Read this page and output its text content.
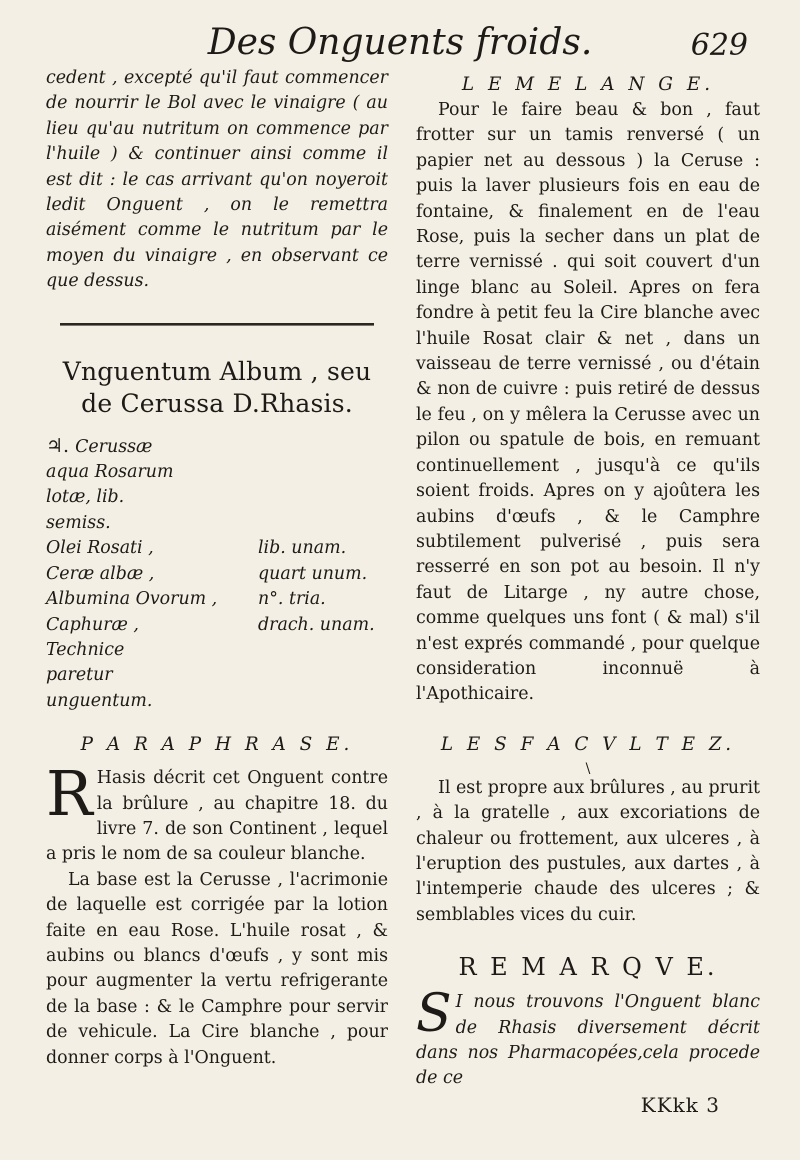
Des Onguents froids.	629

cedent , excepté qu'il faut commencer de nourrir le Bol avec le vinaigre ( au lieu qu'au nutritum on commence par l'huile ) & continuer ainsi comme il est dit : le cas arrivant qu'on noyeroit ledit Onguent , on le remettra aisément comme le nutritum par le moyen du vinaigre , en observant ce que dessus.

Vnguentum Album , seu de Cerussa D.Rhasis.
♃. Cerussæ aqua Rosarum lotæ, lib. semiss.
Olei Rosati ,	lib. unam.
Ceræ albæ ,	quart unum.
Albumina Ovorum , n°. tria.
Caphuræ ,	drach. unam.
Technice paretur unguentum.
P A R A P H R A S E.

R Hasis décrit cet Onguent contre la brûlure , au chapitre 18. du livre 7. de son Continent , lequel a pris le nom de sa couleur blanche.

La base est la Cerusse , l'acrimonie de laquelle est corrigée par la lotion faite en eau Rose. L'huile rosat , & aubins ou blancs d'œufs , y sont mis pour augmenter la vertu refrigerante de la base : & le Camphre pour servir de vehicule. La Cire blanche , pour donner corps à l'Onguent.

L E M E L A N G E.

Pour le faire beau & bon , faut frotter sur un tamis renversé ( un papier net au dessous ) la Ceruse : puis la laver plusieurs fois en eau de fontaine, & finalement en de l'eau Rose, puis la secher dans un plat de terre vernissé . qui soit couvert d'un linge blanc au Soleil. Apres on fera fondre à petit feu la Cire blanche avec l'huile Rosat clair & net , dans un vaisseau de terre vernissé , ou d'étain & non de cuivre : puis retiré de dessus le feu , on y mêlera la Cerusse avec un pilon ou spatule de bois, en remuant continuellement , jusqu'à ce qu'ils soient froids. Apres on y ajoûtera les aubins d'œufs , & le Camphre subtilement pulverisé , puis sera resserré en son pot au besoin. Il n'y faut de Litarge , ny autre chose, comme quelques uns font ( & mal) s'il n'est exprés commandé , pour quelque consideration inconnuë à l'Apothicaire.

L E S F A C V L T E Z.
\

Il est propre aux brûlures , au prurit , à la gratelle , aux excoriations de chaleur ou frottement, aux ulceres , à l'eruption des pustules, aux dartes , à l'intemperie chaude des ulceres ; & semblables vices du cuir.

R E M A R Q V E.

S I nous trouvons l'Onguent blanc de Rhasis diversement décrit dans nos Pharmacopées,cela procede de ce

KKkk 3
